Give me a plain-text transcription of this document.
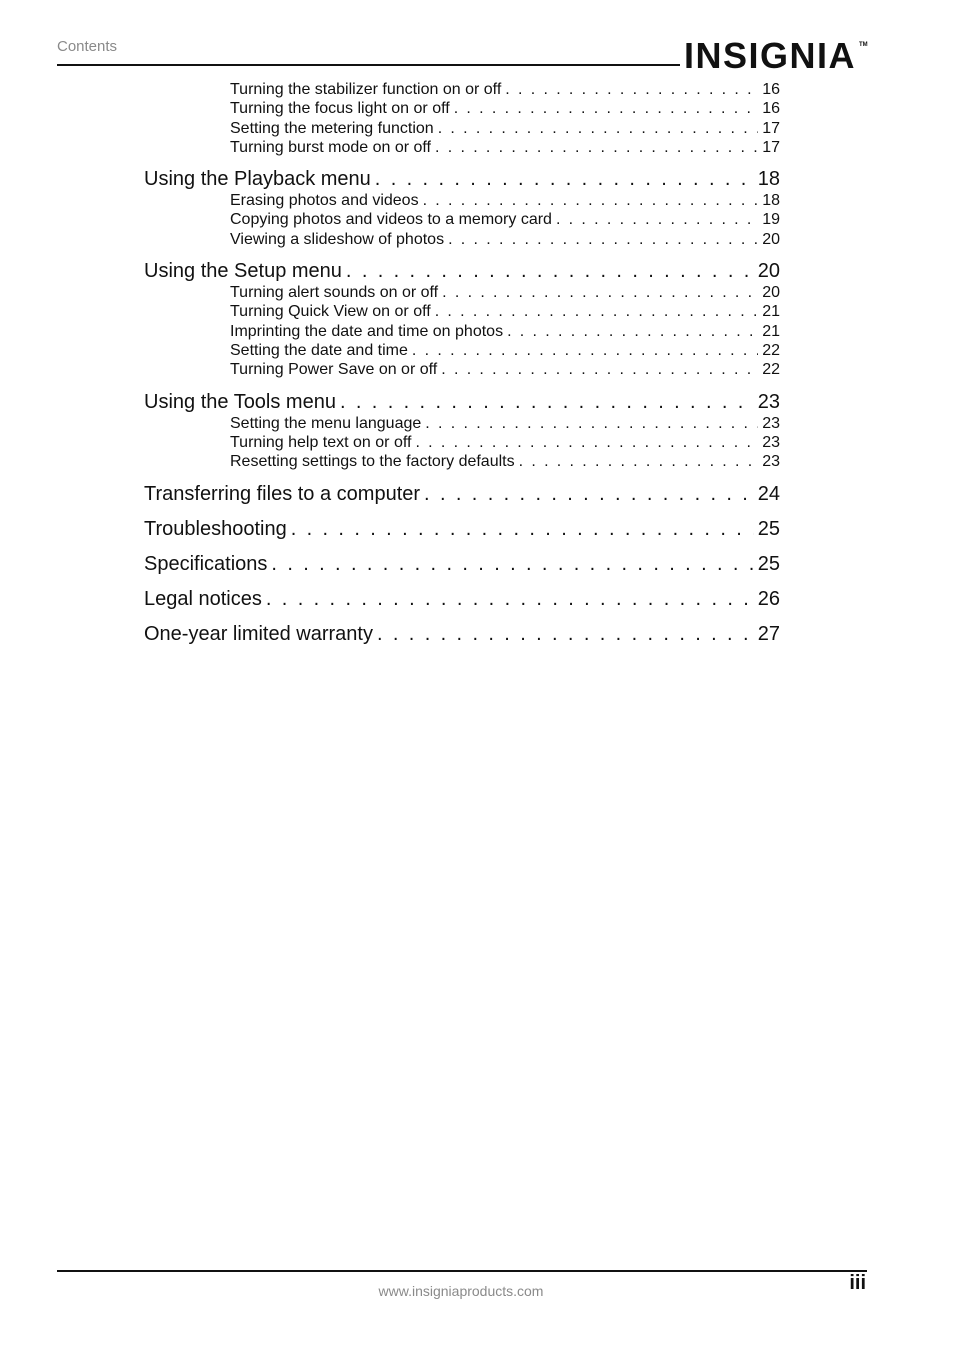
Contents	INSIGNIA TM
Turning the stabilizer function on or off . . .	16
Turning the focus light on or off . . .	16
Setting the metering function . . .	17
Turning burst mode on or off . . .	17
Using the Playback menu . . .	18
Erasing photos and videos . . .	18
Copying photos and videos to a memory card . . .	19
Viewing a slideshow of photos . . .	20
Using the Setup menu . . .	20
Turning alert sounds on or off . . .	20
Turning Quick View on or off . . .	21
Imprinting the date and time on photos . . .	21
Setting the date and time . . .	22
Turning Power Save on or off . . .	22
Using the Tools menu . . .	23
Setting the menu language . . .	23
Turning help text on or off . . .	23
Resetting settings to the factory defaults . . .	23
Transferring files to a computer . . .	24
Troubleshooting . . .	25
Specifications . . .	25
Legal notices . . .	26
One-year limited warranty . . .	27
iii
www.insigniaproducts.com
